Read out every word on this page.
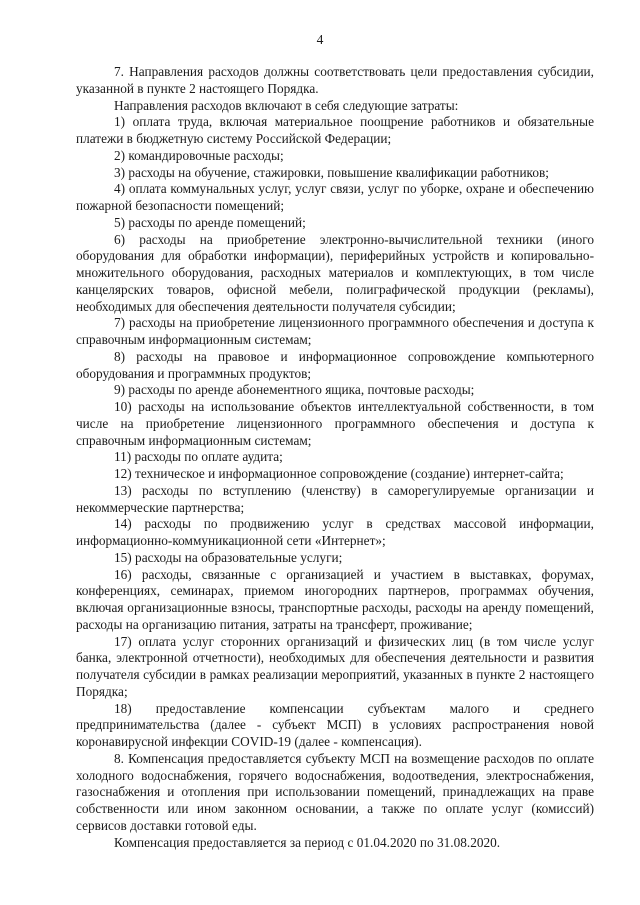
4

7. Направления расходов должны соответствовать цели предоставления субсидии, указанной в пункте 2 настоящего Порядка.

Направления расходов включают в себя следующие затраты:

1) оплата труда, включая материальное поощрение работников и обязательные платежи в бюджетную систему Российской Федерации;

2) командировочные расходы;

3) расходы на обучение, стажировки, повышение квалификации работников;

4) оплата коммунальных услуг, услуг связи, услуг по уборке, охране и обеспечению пожарной безопасности помещений;

5) расходы по аренде помещений;

6) расходы на приобретение электронно-вычислительной техники (иного оборудования для обработки информации), периферийных устройств и копировально-множительного оборудования, расходных материалов и комплектующих, в том числе канцелярских товаров, офисной мебели, полиграфической продукции (рекламы), необходимых для обеспечения деятельности получателя субсидии;

7) расходы на приобретение лицензионного программного обеспечения и доступа к справочным информационным системам;

8) расходы на правовое и информационное сопровождение компьютерного оборудования и программных продуктов;

9) расходы по аренде абонементного ящика, почтовые расходы;

10) расходы на использование объектов интеллектуальной собственности, в том числе на приобретение лицензионного программного обеспечения и доступа к справочным информационным системам;

11) расходы по оплате аудита;

12) техническое и информационное сопровождение (создание) интернет-сайта;

13) расходы по вступлению (членству) в саморегулируемые организации и некоммерческие партнерства;

14) расходы по продвижению услуг в средствах массовой информации, информационно-коммуникационной сети «Интернет»;

15) расходы на образовательные услуги;

16) расходы, связанные с организацией и участием в выставках, форумах, конференциях, семинарах, приемом иногородних партнеров, программах обучения, включая организационные взносы, транспортные расходы, расходы на аренду помещений, расходы на организацию питания, затраты на трансферт, проживание;

17) оплата услуг сторонних организаций и физических лиц (в том числе услуг банка, электронной отчетности), необходимых для обеспечения деятельности и развития получателя субсидии в рамках реализации мероприятий, указанных в пункте 2 настоящего Порядка;

18) предоставление компенсации субъектам малого и среднего предпринимательства (далее - субъект МСП) в условиях распространения новой коронавирусной инфекции COVID-19 (далее - компенсация).

8. Компенсация предоставляется субъекту МСП на возмещение расходов по оплате холодного водоснабжения, горячего водоснабжения, водоотведения, электроснабжения, газоснабжения и отопления при использовании помещений, принадлежащих на праве собственности или ином законном основании, а также по оплате услуг (комиссий) сервисов доставки готовой еды.

Компенсация предоставляется за период с 01.04.2020 по 31.08.2020.
